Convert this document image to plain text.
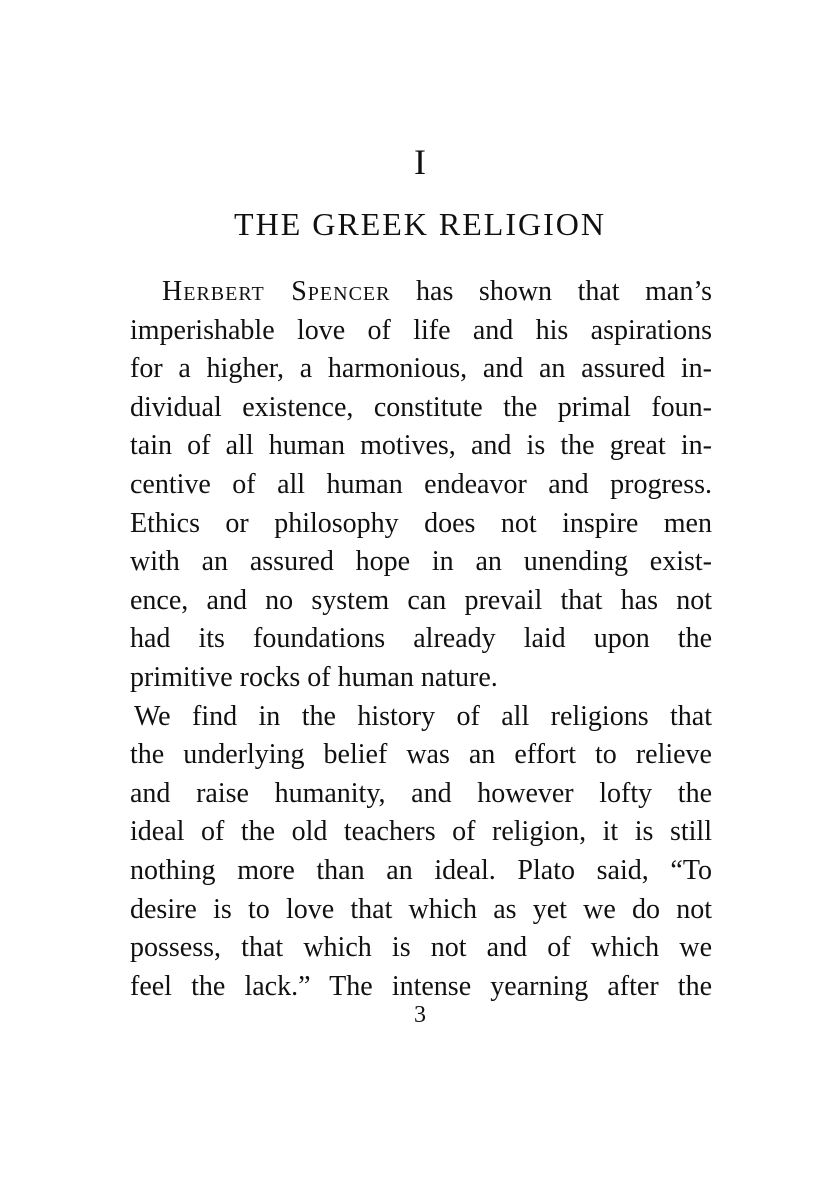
I
THE GREEK RELIGION
Herbert Spencer has shown that man’s
imperishable love of life and his aspirations
for a higher, a harmonious, and an assured in-
dividual existence, constitute the primal foun-
tain of all human motives, and is the great in-
centive of all human endeavor and progress.
Ethics or philosophy does not inspire men
with an assured hope in an unending exist-
ence, and no system can prevail that has not
had its foundations already laid upon the
primitive rocks of human nature.
We find in the history of all religions that
the underlying belief was an effort to relieve
and raise humanity, and however lofty the
ideal of the old teachers of religion, it is still
nothing more than an ideal. Plato said, “To
desire is to love that which as yet we do not
possess, that which is not and of which we
feel the lack.” The intense yearning after the
3
